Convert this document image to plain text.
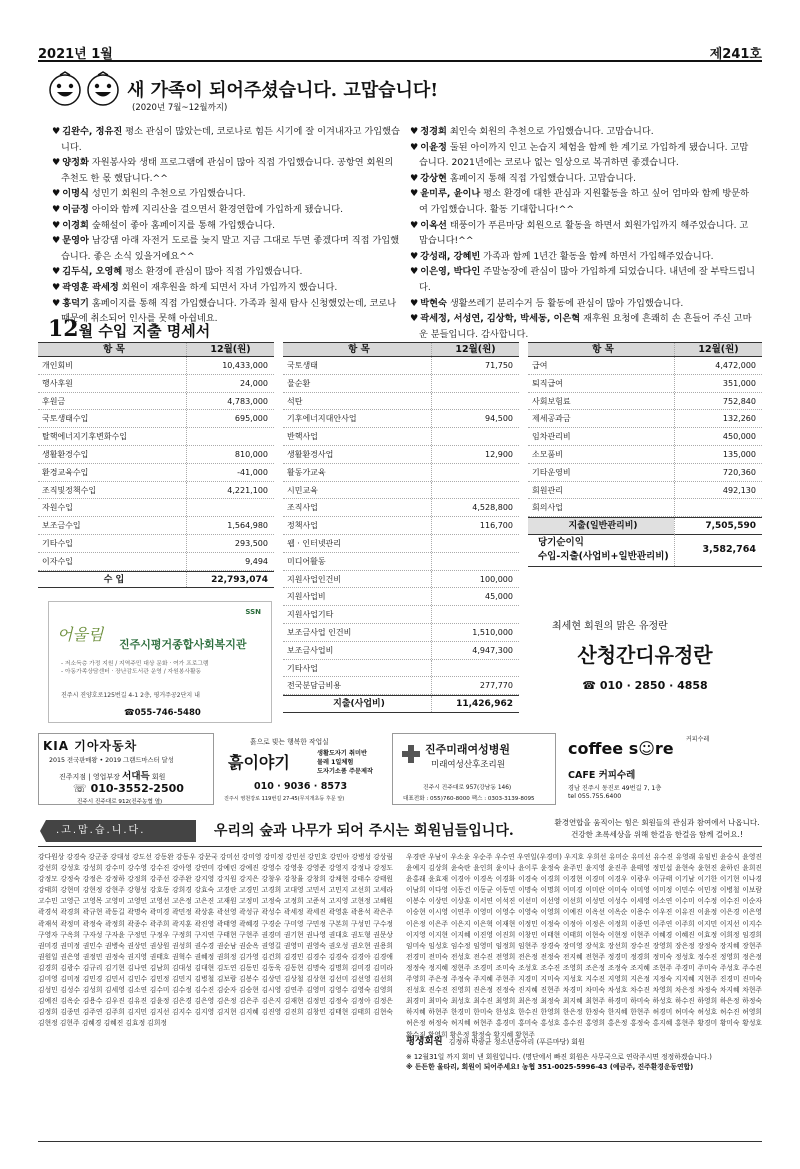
2021년 1월	제241호
새 가족이 되어주셨습니다. 고맙습니다!
(2020년 7월~12월까지)
♥ 김완수, 정유진 평소 관심이 많았는데, 코로나로 힘든 시기에 잘 이겨내자고 가입했습니다.
♥ 양정화 자원봉사와 생태 프로그램에 관심이 많아 직접 가입했습니다. 공항연 회원의 추천도 한 몫 했답니다.^^
♥ 이명식 성민기 회원의 추천으로 가입했습니다.
♥ 이금정 아이와 함께 지리산을 걸으면서 환경연합에 가입하게 됐습니다.
♥ 이경희 숲해설이 좋아 홈페이지를 통해 가입했습니다.
♥ 문영아 남강댐 아래 자전거 도로를 늦지 말고 지금 그대로 두면 좋겠다며 직접 가입했습니다. 좋은 소식 있을거에요^^
♥ 김두식, 오영혜 평소 환경에 관심이 많아 직접 가입했습니다.
♥ 곽영훈 곽세정 회원이 재후원을 하게 되면서 자녀 가입까지 했습니다.
♥ 홍덕기 홈페이지를 통해 직접 가입했습니다. 가족과 칠새 탐사 신청했었는데, 코로나 때문에 취소되어 인사를 못해 아쉽네요.
♥ 정경희 최인숙 회원의 추천으로 가입했습니다. 고맙습니다.
♥ 이윤정 둘된 아이까지 인고 논습지 체험을 함께 한 계기로 가입하게 됐습니다. 고맙습니다. 2021년에는 코로나 없는 일상으로 복귀하면 좋겠습니다.
♥ 강상현 홈페이지 통해 직접 가입했습니다. 고맙습니다.
♥ 윤미루, 윤이나 평소 환경에 대한 관심과 지원활동을 하고 싶어 엄마와 함께 방문하여 가입했습니다. 활동 기대합니다!^^
♥ 이옥선 태풍이가 푸른마당 회원으로 활동을 하면서 회원가입까지 해주었습니다. 고맙습니다!^^
♥ 강성래, 강혜빈 가족과 함께 1년간 활동을 함께 하면서 가입해주었습니다.
♥ 이은영, 박다인 주말농장에 관심이 많아 가입하게 되었습니다. 내년에 잘 부탁드립니다.
♥ 박현숙 생활쓰레기 분리수거 등 활동에 관심이 많아 가입했습니다.
♥ 곽세정, 서성연, 김상학, 박세동, 이은혁 재후원 요청에 흔쾌히 손 흔들어 주신 고마운 분들입니다. 감사합니다.
12월 수입 지출 명세서
항 목	12월(원)
개인회비	10,433,000
행사후원	24,000
후원금	4,783,000
국토생태수입	695,000
탈핵에너지기후변화수입
생활환경수입	810,000
환경교육수입	-41,000
조직및정책수입	4,221,100
자원수입
보조금수입	1,564,980
기타수입	293,500
이자수입	9,494
수 입	22,793,074
항 목	12월(원)
국토생태	71,750
물순환
석탄
기후에너지대안사업	94,500
반핵사업
생활환경사업	12,900
활동가교육
시민교육
조직사업	4,528,800
정책사업	116,700
웹 · 인터넷관리
미디어활동
지원사업인건비	100,000
지원사업비	45,000
지원사업기타
보조금사업 인건비	1,510,000
보조금사업비	4,947,300
기타사업
전국분담금비용	277,770
지출(사업비)	11,426,962
항 목	12월(원)
급여	4,472,000
퇴직급여	351,000
사회보험료	752,840
제세공과금	132,260
임차관리비	450,000
소모품비	135,000
기타운영비	720,360
회원관리	492,130
회의사업
지출(일반관리비)	7,505,590
당기순이익
수입-지출(사업비+일반관리비)
3,582,764
어울림
SSN
진주시평거종합사회복지관
- 저소득층 가정 지원 / 지역주민 대상 문화 · 여가 프로그램
- 아동가족상담센터 · 장난감도서관 운영 / 자원봉사활동
진주시 진양호로125번길 4-1 2층, 평거주공2단지 내
☎055-746-5480
최세현 회원의 맑은 유정란
산청간디유정란
☎ 010 · 2850 · 4858
KIA 기아자동차
2015 전국판매왕 • 2019 그랜드마스터 달성
진주지점 | 영업부장 서대득 회원
☏ 010-3552-2500
진주시 진주대로 912(진주농협 옆)
흙으로 빚는 행복한 작업실
흙이야기	생활도자기 취미반
물레 1일체험
도자기소품 주문제작
010 · 9036 · 8573
진주시 영천강로 119번길 27-45(무지개초등 후문 앞)
진주미래여성병원
미래여성산후조리원
진주시 진주대로 957(강남동 146)
대표전화 : 055)760-8000 팩스 : 0303-3139-8095
coffee s☺re 커피수레
CAFE 커피수레
경남 진주시 동진로 49번길 7, 1층
tel 055.755.6400
.고.맙.습.니.다.	우리의 숲과 나무가 되어 주시는 회원님들입니다.
환경연합을 움직이는 힘은 회원들의 관심과 참여에서 나옵니다.
건강한 초록세상을 위해 한걸음 한걸음 함께 걸어요.!
강다원상 강경숙 강군종 강대성 강도선 강동완 강동우 강문국 강미선 강미영 강미정 강민선 강민호 강민아 강병성 강상림 강선희 강성호 강성희 강수미 강수영 강수진 강아영 강연미 강예린 강예진 강영수 강영웅 강영준 강영지 강정나 강정도 강정모 강정숙 강정은 강정하 강정희 강주선 강주완 강지영 강지원 강지은 강창우 강창율 강창희 강채현 강태수 강태원 강태희 강현미 강현정 강현주 강형성 강호동 강희경 강효숙 고경란 고경민 고경희 고대영 고민서 고민지 고선희 고세라 고수민 고영근 고영목 고영미 고영민 고영선 고은정 고은진 고재원 고정미 고정숙 고정희 고준석 고지영 고현정 고혜원 곽경석 곽경희 곽규현 곽동길 곽명숙 곽미경 곽민정 곽상훈 곽선영 곽성규 곽성수 곽세정 곽세진 곽영훈 곽용석 곽은주 곽재석 곽정미 곽정숙 곽정희 곽종수 곽주희 곽지훈 곽진영 곽태영 곽혜경 구경순 구미영 구민정 구본희 구성민 구수정 구영자 구옥희 구자성 구자윤 구정민 구정우 구정희 구지연 구태현 구현주 권경미 권기현 권나영 권대호 권도형 권문상 권미경 권미정 권민수 권병숙 권상민 권상원 권성희 권수경 권순남 권순옥 권영길 권영미 권영숙 권오성 권오현 권용희 권원일 권은영 권정민 권정숙 권지영 권태호 권혁수 권혜정 권희정 김가영 김건희 김경민 김경수 김경숙 김경아 김경애 김경희 김광수 김규리 김기현 김나연 김남희 김대성 김대현 김도연 김동민 김동욱 김동현 김명숙 김명희 김미경 김미라 김미영 김미정 김민경 김민서 김민수 김민정 김민지 김병철 김보람 김봉수 김상민 김상철 김상현 김선미 김선영 김선희 김성민 김성수 김성희 김세영 김소연 김수미 김수정 김수진 김순자 김승현 김시영 김연주 김영미 김영수 김영숙 김영희 김예진 김옥순 김용수 김우진 김유진 김윤정 김은경 김은영 김은정 김은주 김은지 김재현 김정민 김정숙 김정아 김정은 김정희 김종민 김주연 김주희 김지민 김지선 김지수 김지영 김지현 김지혜 김진영 김진희 김창민 김태현 김태희 김현숙 김현정 김현주 김혜경 김혜진 김효정 김희정
우경란 우남이 우소윤 우순주 우수연 우연일(우경미) 우지호 우희선 유미순 유미선 유수진 유영래 유임빈 윤승식 윤영진 윤예지 김상희 윤숙란 윤인희 윤이나 윤이루 윤정숙 윤주민 윤지영 윤진주 윤태영 정민섭 윤현숙 윤현진 윤하린 윤희진 윤홍래 윤효재 이경아 이경옥 이경화 이경숙 이경희 이경현 이경미 이경우 이광우 이규태 이기남 이기한 이기현 이나경 이남희 이다영 이동건 이동균 이동민 이명숙 이명희 이미경 이미란 이미숙 이미영 이미정 이민수 이민정 이병철 이보람 이봉수 이상민 이상훈 이서연 이석진 이선미 이선영 이선희 이성민 이성수 이세영 이소연 이수미 이수정 이수진 이순자 이승현 이시영 이연주 이영미 이영수 이영숙 이영희 이예진 이옥선 이옥순 이용수 이우진 이유진 이윤정 이은경 이은영 이은정 이은주 이은지 이은혁 이재현 이정민 이정숙 이정아 이정은 이정희 이종민 이주연 이주희 이지민 이지선 이지수 이지영 이지현 이지혜 이진영 이진희 이창민 이태현 이태희 이현숙 이현정 이현주 이혜경 이혜진 이효정 이희정 임경희 임미숙 임성호 임수정 임영미 임정희 임현주 장경숙 장미영 장석호 장선희 장수진 장영희 장은정 장정숙 장지혜 장현주 전경미 전미숙 전성호 전수진 전영희 전은정 전정숙 전지혜 전현주 정경미 정경희 정미숙 정성호 정수진 정영희 정은정 정정숙 정지혜 정현주 조경미 조미숙 조성호 조수진 조영희 조은정 조정숙 조지혜 조현주 주경미 주미숙 주성호 주수진 주영희 주은정 주정숙 주지혜 주현주 지경미 지미숙 지성호 지수진 지영희 지은정 지정숙 지지혜 지현주 진경미 진미숙 진성호 진수진 진영희 진은정 진정숙 진지혜 진현주 차경미 차미숙 차성호 차수진 차영희 차은정 차정숙 차지혜 차현주 최경미 최미숙 최성호 최수진 최영희 최은정 최정숙 최지혜 최현주 하경미 하미숙 하성호 하수진 하영희 하은정 하정숙 하지혜 하현주 한경미 한미숙 한성호 한수진 한영희 한은정 한정숙 한지혜 한현주 허경미 허미숙 허성호 허수진 허영희 허은정 허정숙 허지혜 허현주 홍경미 홍미숙 홍성호 홍수진 홍영희 홍은정 홍정숙 홍지혜 홍현주 황경미 황미숙 황성호 황수진 황영희 황은정 황정숙 황지혜 황현주
평생회원 김정하 박광균 청소년동아리 (푸른마당) 회원
※ 12월31일 까지 회비 낸 회원입니다. (명단에서 빠진 회원은 사무국으로 연락주시면 정정하겠습니다.)
※ 든든한 울타리, 회원이 되어주세요! 농협 351-0025-5996-43 (예금주, 진주환경운동연합)
